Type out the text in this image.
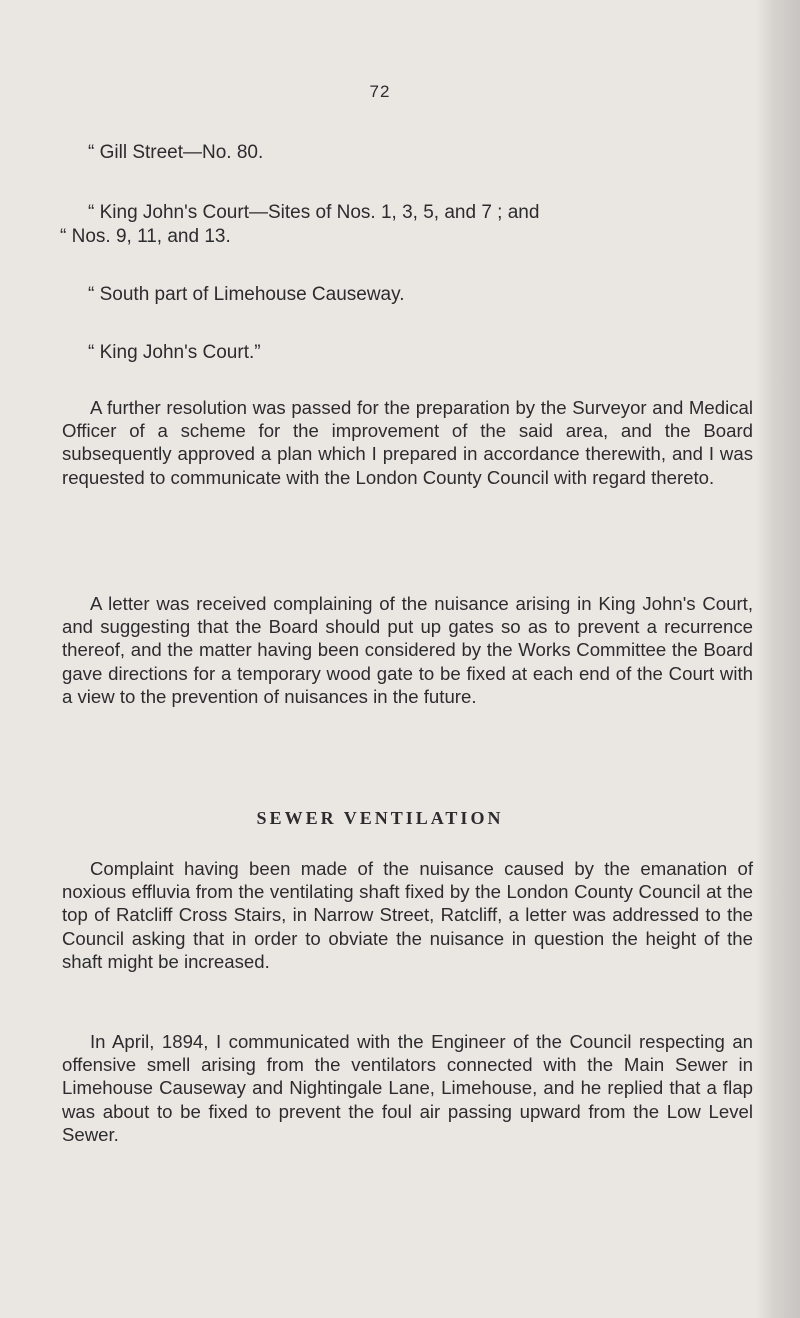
72
“ Gill Street—No. 80.
“ King John's Court—Sites of Nos. 1, 3, 5, and 7 ; and
“ Nos. 9, 11, and 13.
“ South part of Limehouse Causeway.
“ King John's Court.”
A further resolution was passed for the preparation by the Surveyor and Medical Officer of a scheme for the improvement of the said area, and the Board subsequently approved a plan which I prepared in accordance therewith, and I was requested to communicate with the London County Council with regard thereto.
A letter was received complaining of the nuisance arising in King John's Court, and suggesting that the Board should put up gates so as to prevent a recurrence thereof, and the matter having been considered by the Works Committee the Board gave directions for a temporary wood gate to be fixed at each end of the Court with a view to the prevention of nuisances in the future.
SEWER VENTILATION
Complaint having been made of the nuisance caused by the emanation of noxious effluvia from the ventilating shaft fixed by the London County Council at the top of Ratcliff Cross Stairs, in Narrow Street, Ratcliff, a letter was addressed to the Council asking that in order to obviate the nuisance in question the height of the shaft might be increased.
In April, 1894, I communicated with the Engineer of the Council respecting an offensive smell arising from the ventilators connected with the Main Sewer in Limehouse Causeway and Nightingale Lane, Limehouse, and he replied that a flap was about to be fixed to prevent the foul air passing upward from the Low Level Sewer.
